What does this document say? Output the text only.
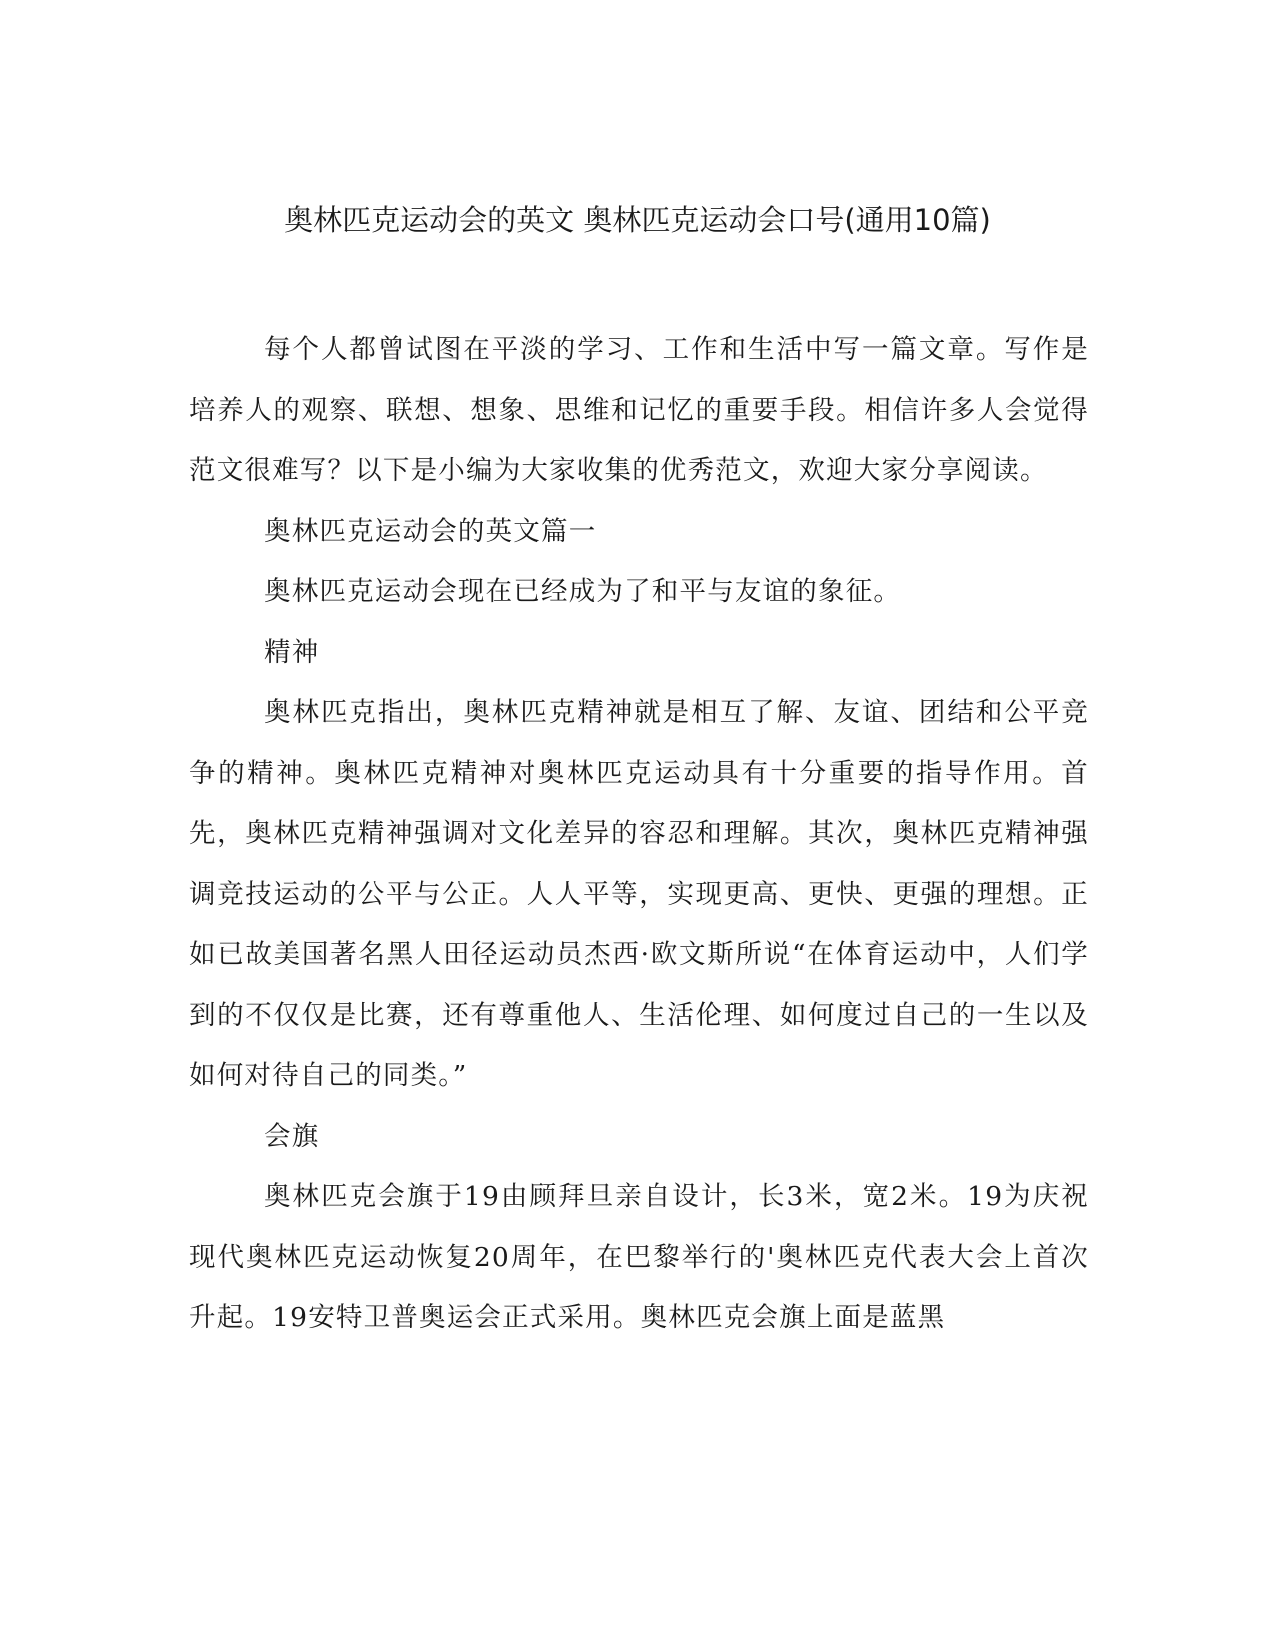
奥林匹克运动会的英文 奥林匹克运动会口号(通用10篇)

每个人都曾试图在平淡的学习、工作和生活中写一篇文章。写作是培养人的观察、联想、想象、思维和记忆的重要手段。相信许多人会觉得范文很难写？以下是小编为大家收集的优秀范文，欢迎大家分享阅读。

奥林匹克运动会的英文篇一

奥林匹克运动会现在已经成为了和平与友谊的象征。

精神

奥林匹克指出，奥林匹克精神就是相互了解、友谊、团结和公平竞争的精神。奥林匹克精神对奥林匹克运动具有十分重要的指导作用。首先，奥林匹克精神强调对文化差异的容忍和理解。其次，奥林匹克精神强调竞技运动的公平与公正。人人平等，实现更高、更快、更强的理想。正如已故美国著名黑人田径运动员杰西·欧文斯所说“在体育运动中，人们学到的不仅仅是比赛，还有尊重他人、生活伦理、如何度过自己的一生以及如何对待自己的同类。”

会旗

奥林匹克会旗于19由顾拜旦亲自设计，长3米，宽2米。19为庆祝现代奥林匹克运动恢复20周年，在巴黎举行的'奥林匹克代表大会上首次升起。19安特卫普奥运会正式采用。奥林匹克会旗上面是蓝黑
